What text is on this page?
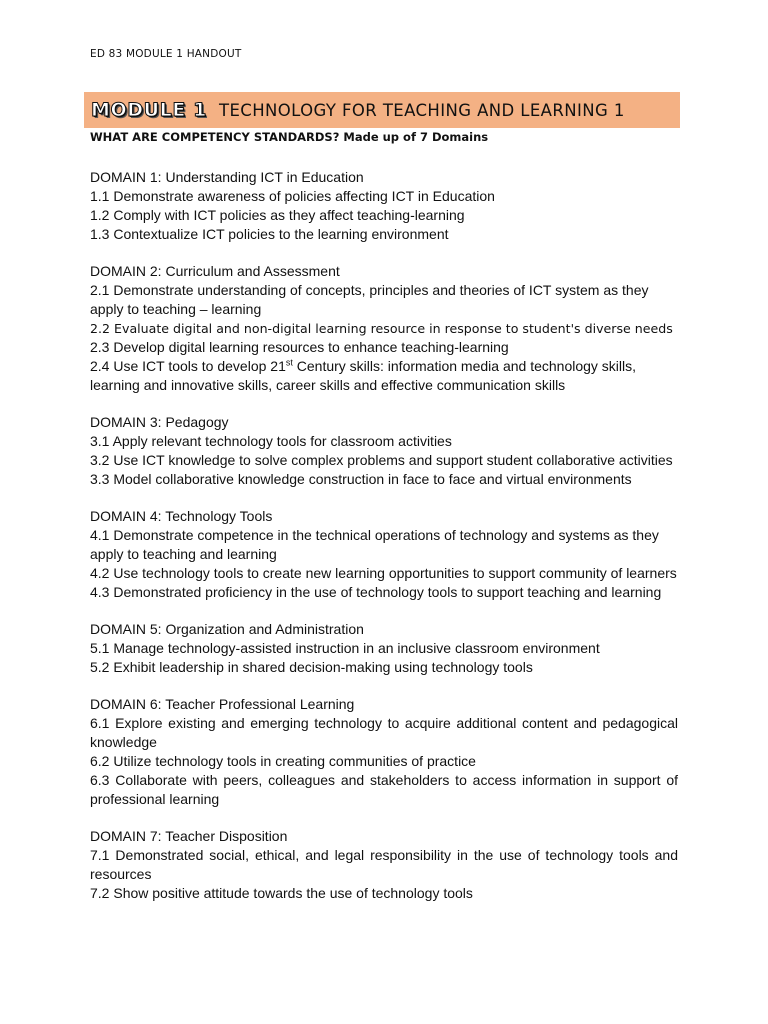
ED 83 MODULE 1 HANDOUT
MODULE 1 TECHNOLOGY FOR TEACHING AND LEARNING 1
WHAT ARE COMPETENCY STANDARDS? Made up of 7 Domains

DOMAIN 1: Understanding ICT in Education

1.1 Demonstrate awareness of policies affecting ICT in Education

1.2 Comply with ICT policies as they affect teaching-learning

1.3 Contextualize ICT policies to the learning environment

DOMAIN 2: Curriculum and Assessment

2.1 Demonstrate understanding of concepts, principles and theories of ICT system as they apply to teaching – learning

2.2 Evaluate digital and non-digital learning resource in response to student's diverse needs

2.3 Develop digital learning resources to enhance teaching-learning

2.4 Use ICT tools to develop 21st Century skills: information media and technology skills, learning and innovative skills, career skills and effective communication skills

DOMAIN 3: Pedagogy

3.1 Apply relevant technology tools for classroom activities

3.2 Use ICT knowledge to solve complex problems and support student collaborative activities

3.3 Model collaborative knowledge construction in face to face and virtual environments

DOMAIN 4: Technology Tools

4.1 Demonstrate competence in the technical operations of technology and systems as they apply to teaching and learning

4.2 Use technology tools to create new learning opportunities to support community of learners

4.3 Demonstrated proficiency in the use of technology tools to support teaching and learning

DOMAIN 5: Organization and Administration

5.1 Manage technology-assisted instruction in an inclusive classroom environment

5.2 Exhibit leadership in shared decision-making using technology tools

DOMAIN 6: Teacher Professional Learning

6.1 Explore existing and emerging technology to acquire additional content and pedagogical knowledge

6.2 Utilize technology tools in creating communities of practice

6.3 Collaborate with peers, colleagues and stakeholders to access information in support of professional learning

DOMAIN 7: Teacher Disposition

7.1 Demonstrated social, ethical, and legal responsibility in the use of technology tools and resources

7.2 Show positive attitude towards the use of technology tools
